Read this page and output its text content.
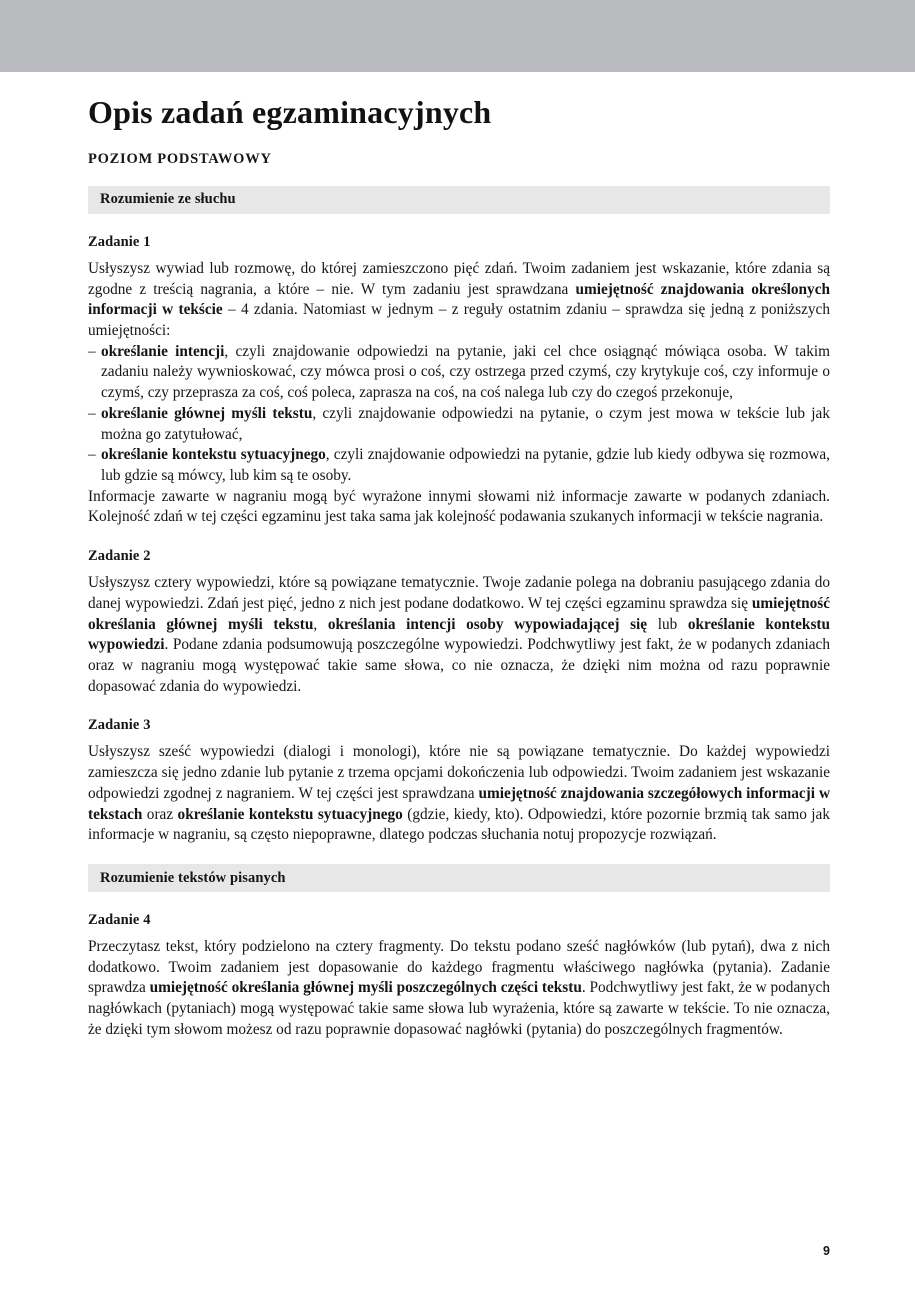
Opis zadań egzaminacyjnych

POZIOM PODSTAWOWY

Rozumienie ze słuchu

Zadanie 1

Usłyszysz wywiad lub rozmowę, do której zamieszczono pięć zdań. Twoim zadaniem jest wskazanie, które zdania są zgodne z treścią nagrania, a które – nie. W tym zadaniu jest sprawdzana umiejętność znajdowania określonych informacji w tekście – 4 zdania. Natomiast w jednym – z reguły ostatnim zdaniu – sprawdza się jedną z poniższych umiejętności:

– określanie intencji, czyli znajdowanie odpowiedzi na pytanie, jaki cel chce osiągnąć mówiąca osoba. W takim zadaniu należy wywnioskować, czy mówca prosi o coś, czy ostrzega przed czymś, czy krytykuje coś, czy informuje o czymś, czy przeprasza za coś, coś poleca, zaprasza na coś, na coś nalega lub czy do czegoś przekonuje,
– określanie głównej myśli tekstu, czyli znajdowanie odpowiedzi na pytanie, o czym jest mowa w tekście lub jak można go zatytułować,
– określanie kontekstu sytuacyjnego, czyli znajdowanie odpowiedzi na pytanie, gdzie lub kiedy odbywa się rozmowa, lub gdzie są mówcy, lub kim są te osoby.

Informacje zawarte w nagraniu mogą być wyrażone innymi słowami niż informacje zawarte w podanych zdaniach. Kolejność zdań w tej części egzaminu jest taka sama jak kolejność podawania szukanych informacji w tekście nagrania.

Zadanie 2

Usłyszysz cztery wypowiedzi, które są powiązane tematycznie. Twoje zadanie polega na dobraniu pasującego zdania do danej wypowiedzi. Zdań jest pięć, jedno z nich jest podane dodatkowo. W tej części egzaminu sprawdza się umiejętność określania głównej myśli tekstu, określania intencji osoby wypowiadającej się lub określanie kontekstu wypowiedzi. Podane zdania podsumowują poszczególne wypowiedzi. Podchwytliwy jest fakt, że w podanych zdaniach oraz w nagraniu mogą występować takie same słowa, co nie oznacza, że dzięki nim można od razu poprawnie dopasować zdania do wypowiedzi.

Zadanie 3

Usłyszysz sześć wypowiedzi (dialogi i monologi), które nie są powiązane tematycznie. Do każdej wypowiedzi zamieszcza się jedno zdanie lub pytanie z trzema opcjami dokończenia lub odpowiedzi. Twoim zadaniem jest wskazanie odpowiedzi zgodnej z nagraniem. W tej części jest sprawdzana umiejętność znajdowania szczegółowych informacji w tekstach oraz określanie kontekstu sytuacyjnego (gdzie, kiedy, kto). Odpowiedzi, które pozornie brzmią tak samo jak informacje w nagraniu, są często niepoprawne, dlatego podczas słuchania notuj propozycje rozwiązań.

Rozumienie tekstów pisanych

Zadanie 4

Przeczytasz tekst, który podzielono na cztery fragmenty. Do tekstu podano sześć nagłówków (lub pytań), dwa z nich dodatkowo. Twoim zadaniem jest dopasowanie do każdego fragmentu właściwego nagłówka (pytania). Zadanie sprawdza umiejętność określania głównej myśli poszczególnych części tekstu. Podchwytliwy jest fakt, że w podanych nagłówkach (pytaniach) mogą występować takie same słowa lub wyrażenia, które są zawarte w tekście. To nie oznacza, że dzięki tym słowom możesz od razu poprawnie dopasować nagłówki (pytania) do poszczególnych fragmentów.

9
